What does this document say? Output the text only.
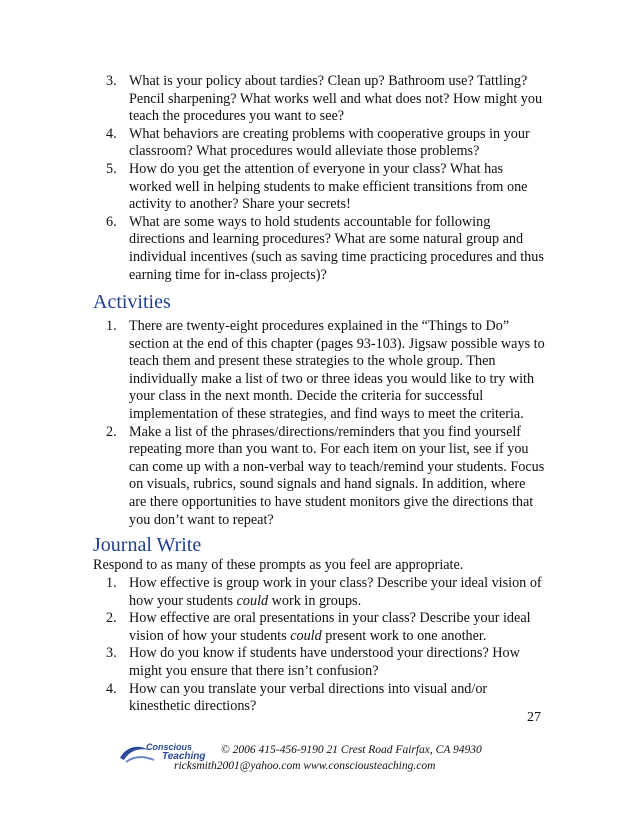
3. What is your policy about tardies? Clean up? Bathroom use? Tattling? Pencil sharpening? What works well and what does not? How might you teach the procedures you want to see?
4. What behaviors are creating problems with cooperative groups in your classroom? What procedures would alleviate those problems?
5. How do you get the attention of everyone in your class? What has worked well in helping students to make efficient transitions from one activity to another? Share your secrets!
6. What are some ways to hold students accountable for following directions and learning procedures? What are some natural group and individual incentives (such as saving time practicing procedures and thus earning time for in-class projects)?
Activities
1. There are twenty-eight procedures explained in the “Things to Do” section at the end of this chapter (pages 93-103). Jigsaw possible ways to teach them and present these strategies to the whole group. Then individually make a list of two or three ideas you would like to try with your class in the next month. Decide the criteria for successful implementation of these strategies, and find ways to meet the criteria.
2. Make a list of the phrases/directions/reminders that you find yourself repeating more than you want to. For each item on your list, see if you can come up with a non-verbal way to teach/remind your students. Focus on visuals, rubrics, sound signals and hand signals. In addition, where are there opportunities to have student monitors give the directions that you don’t want to repeat?
Journal Write

Respond to as many of these prompts as you feel are appropriate.

1. How effective is group work in your class? Describe your ideal vision of how your students could work in groups.
2. How effective are oral presentations in your class? Describe your ideal vision of how your students could present work to one another.
3. How do you know if students have understood your directions? How might you ensure that there isn’t confusion?
4. How can you translate your verbal directions into visual and/or kinesthetic directions?
27
Conscious
Teaching
© 2006 415-456-9190 21 Crest Road Fairfax, CA 94930
ricksmith2001@yahoo.com www.consciousteaching.com
